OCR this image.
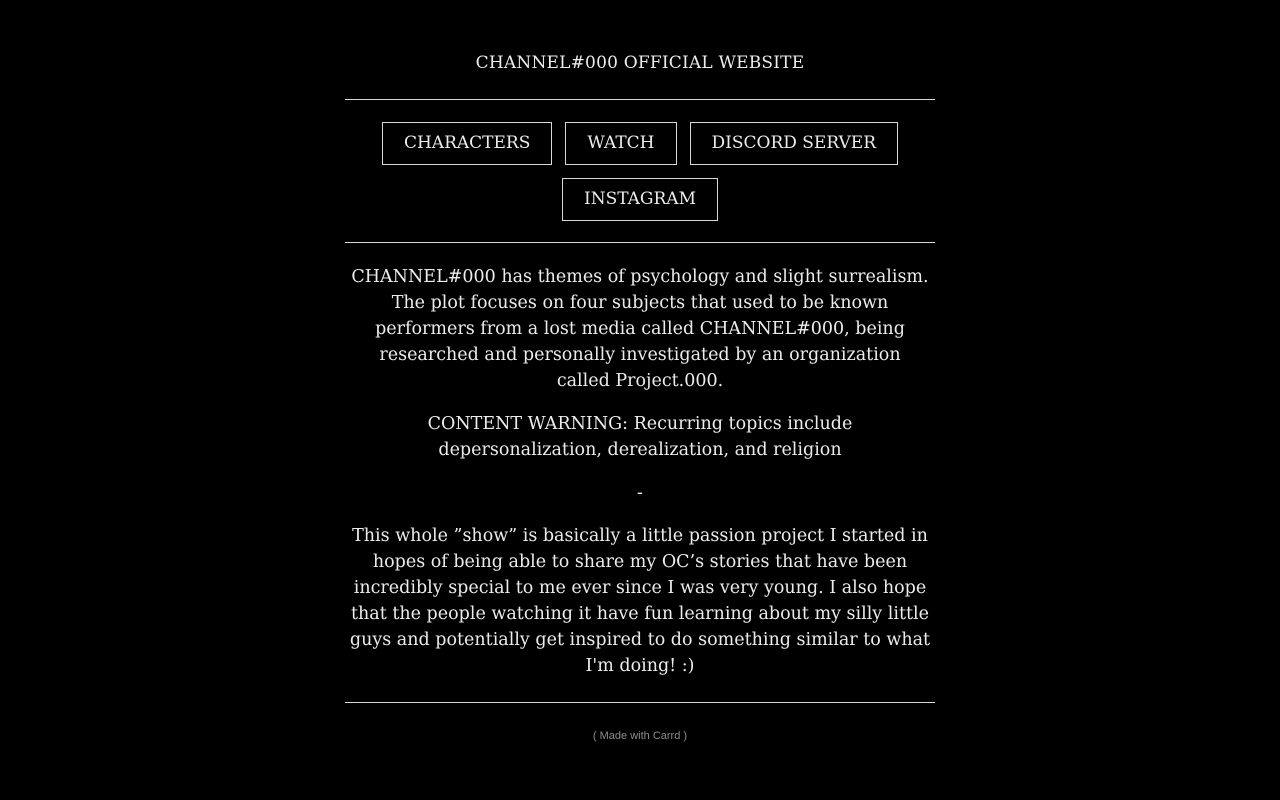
CHANNEL#000 OFFICIAL WEBSITE
CHARACTERS	WATCH	DISCORD SERVER
INSTAGRAM

CHANNEL#000 has themes of psychology and slight surrealism. The plot focuses on four subjects that used to be known performers from a lost media called CHANNEL#000, being researched and personally investigated by an organization called Project.000.

CONTENT WARNING: Recurring topics include depersonalization, derealization, and religion

-

This whole ”show” is basically a little passion project I started in hopes of being able to share my OC’s stories that have been incredibly special to me ever since I was very young. I also hope that the people watching it have fun learning about my silly little guys and potentially get inspired to do something similar to what I'm doing! :)

( Made with Carrd )
